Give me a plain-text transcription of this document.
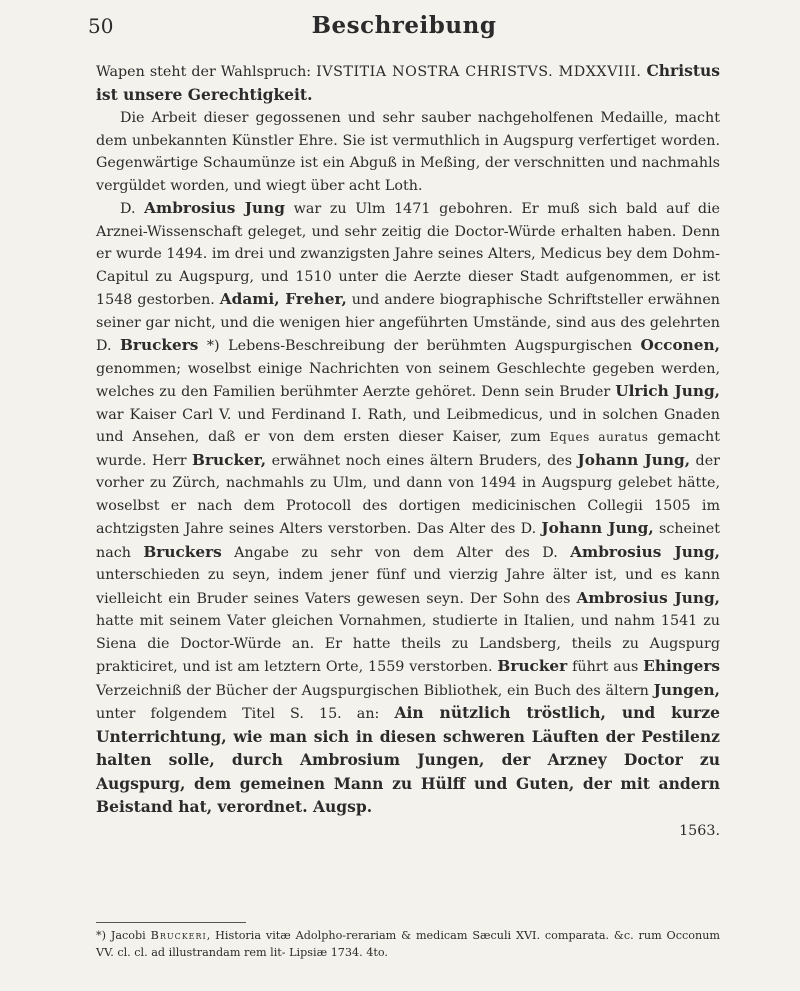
50	Beschreibung

Wapen steht der Wahlspruch: IVSTITIA NOSTRA CHRISTVS. MDXXVIII. Christus ist unsere Gerechtigkeit.

Die Arbeit dieser gegossenen und sehr sauber nachgeholfenen Medaille, macht dem unbekannten Künstler Ehre. Sie ist vermuthlich in Augspurg verfertiget worden. Gegenwärtige Schaumünze ist ein Abguß in Meßing, der verschnitten und nachmahls vergüldet worden, und wiegt über acht Loth.

D. Ambrosius Jung war zu Ulm 1471 gebohren. Er muß sich bald auf die Arznei-Wissenschaft geleget, und sehr zeitig die Doctor-Würde erhalten haben. Denn er wurde 1494. im drei und zwanzigsten Jahre seines Alters, Medicus bey dem Dohm-Capitul zu Augspurg, und 1510 unter die Aerzte dieser Stadt aufgenommen, er ist 1548 gestorben. Adami, Freher, und andere biographische Schriftsteller erwähnen seiner gar nicht, und die wenigen hier angeführten Umstände, sind aus des gelehrten D. Bruckers *) Lebens-Beschreibung der berühmten Augspurgischen Occonen, genommen; woselbst einige Nachrichten von seinem Geschlechte gegeben werden, welches zu den Familien berühmter Aerzte gehöret. Denn sein Bruder Ulrich Jung, war Kaiser Carl V. und Ferdinand I. Rath, und Leibmedicus, und in solchen Gnaden und Ansehen, daß er von dem ersten dieser Kaiser, zum Eques auratus gemacht wurde. Herr Brucker, erwähnet noch eines ältern Bruders, des Johann Jung, der vorher zu Zürch, nachmahls zu Ulm, und dann von 1494 in Augspurg gelebet hätte, woselbst er nach dem Protocoll des dortigen medicinischen Collegii 1505 im achtzigsten Jahre seines Alters verstorben. Das Alter des D. Johann Jung, scheinet nach Bruckers Angabe zu sehr von dem Alter des D. Ambrosius Jung, unterschieden zu seyn, indem jener fünf und vierzig Jahre älter ist, und es kann vielleicht ein Bruder seines Vaters gewesen seyn. Der Sohn des Ambrosius Jung, hatte mit seinem Vater gleichen Vornahmen, studierte in Italien, und nahm 1541 zu Siena die Doctor-Würde an. Er hatte theils zu Landsberg, theils zu Augspurg prakticiret, und ist am letztern Orte, 1559 verstorben. Brucker führt aus Ehingers Verzeichniß der Bücher der Augspurgischen Bibliothek, ein Buch des ältern Jungen, unter folgendem Titel S. 15. an: Ain nützlich tröstlich, und kurze Unterrichtung, wie man sich in diesen schweren Läuften der Pestilenz halten solle, durch Ambrosium Jungen, der Arzney Doctor zu Augspurg, dem gemeinen Mann zu Hülff und Guten, der mit andern Beistand hat, verordnet. Augsp.

1563.

*) Jacobi Bruckeri, Historia vitæ Adolpho-rerariam & medicam Sæculi XVI. comparata. &c. rum Occonum VV. cl. cl. ad illustrandam rem lit- Lipsiæ 1734. 4to.
